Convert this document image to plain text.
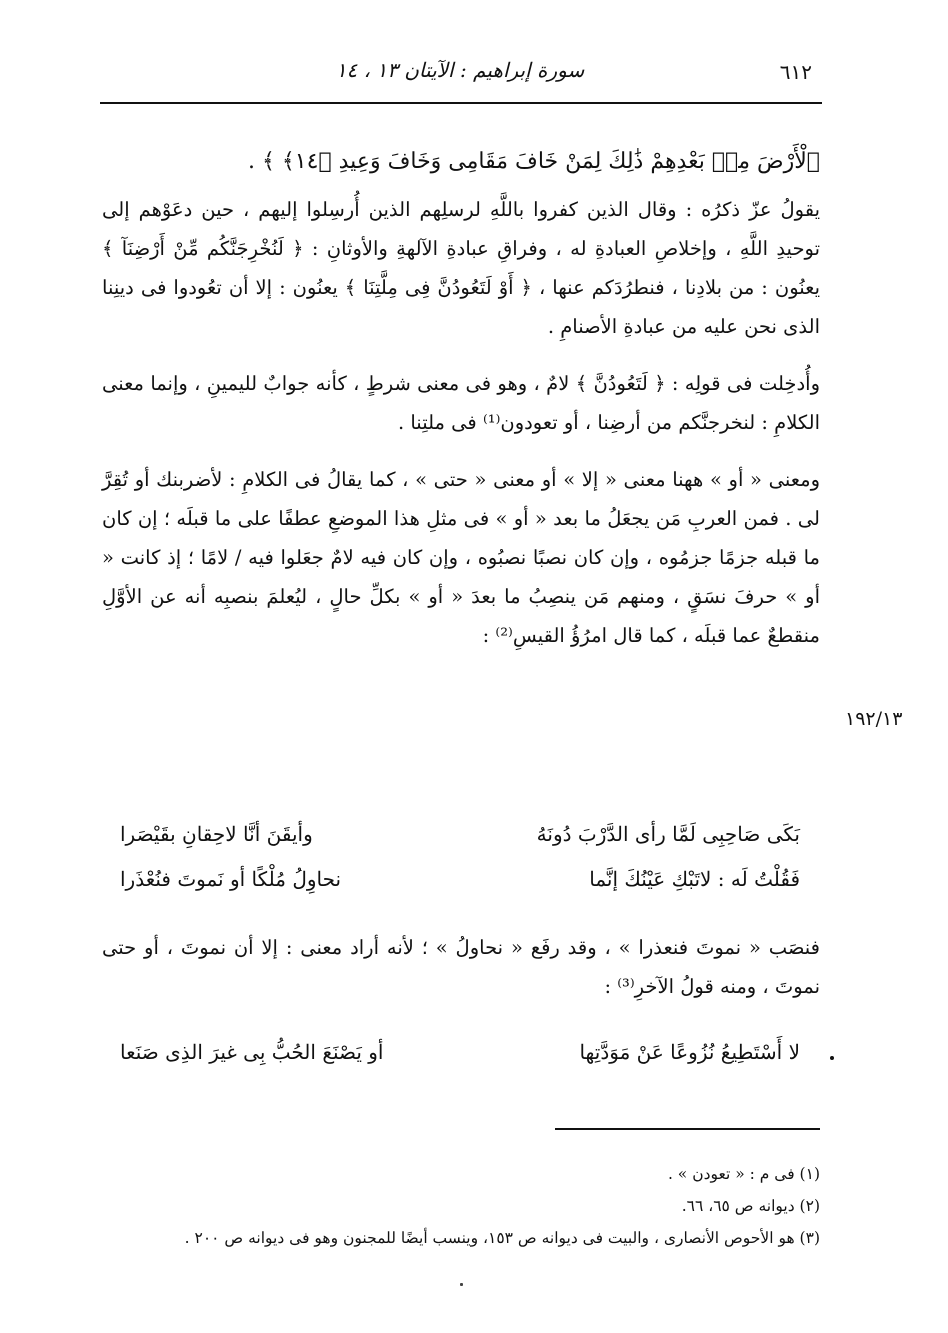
٦١٢
سورة إبراهيم : الآيتان ١٣ ، ١٤

ٱلْأَرْضَ مِنۢ بَعْدِهِمْ ذَٰلِكَ لِمَنْ خَافَ مَقَامِى وَخَافَ وَعِيدِ ﴿١٤﴾ ﴾ .

يقولُ عزّ ذكرُه : وقال الذين كفروا باللَّهِ لرسلِهم الذين أُرسِلوا إليهم ، حين دعَوْهم إلى توحيدِ اللَّهِ ، وإخلاصِ العبادةِ له ، وفراقِ عبادةِ الآلهةِ والأوثانِ : ﴿ لَنُخْرِجَنَّكُم مِّنْ أَرْضِنَآ ﴾ يعنُون : من بلادِنا ، فنطرُدَكم عنها ، ﴿ أَوْ لَتَعُودُنَّ فِى مِلَّتِنَا ﴾ يعنُون : إلا أن تعُودوا فى دينِنا الذى نحن عليه من عبادةِ الأصنامِ .

وأُدخِلت فى قولِه : ﴿ لَتَعُودُنَّ ﴾ لامٌ ، وهو فى معنى شرطٍ ، كأنه جوابٌ لليمينِ ، وإنما معنى الكلامِ : لنخرجنَّكم من أرضِنا ، أو تعودون⁽¹⁾ فى ملتِنا .

ومعنى « أو » ههنا معنى « إلا » أو معنى « حتى » ، كما يقالُ فى الكلامِ : لأضربنك أو تُقِرَّ لى . فمن العربِ مَن يجعَلُ ما بعد « أو » فى مثلِ هذا الموضعِ عطفًا على ما قبلَه ؛ إن كان ما قبله جزمًا جزمُوه ، وإن كان نصبًا نصبُوه ، وإن كان فيه لامٌ جعَلوا فيه / لامًا ؛ إذ كانت « أو » حرفَ نسَقٍ ، ومنهم مَن ينصِبُ ما بعدَ « أو » بكلِّ حالٍ ، ليُعلمَ بنصبِه أنه عن الأوَّلِ منقطعٌ عما قبلَه ، كما قال امرُؤُ القيسِ⁽²⁾ :

١٩٢/١٣
بَكَى صَاحِبِى لَمَّا رأى الدَّرْبَ دُونَهُ
وأيقَنَ أنَّا لاحِقانِ بقَيْصَرا
فَقُلْتُ لَه : لاتَبْكِ عَيْنُكَ إنَّما
نحاوِلُ مُلْكًا أو نَموتَ فنُعْذَرا

فنصَب « نموتَ فنعذرا » ، وقد رفَع « نحاولُ » ؛ لأنه أراد معنى : إلا أن نموتَ ، أو حتى نموتَ ، ومنه قولُ الآخرِ⁽³⁾ :

لا أَسْتَطِيعُ نُزُوعًا عَنْ مَوَدَّتِها
أو يَصْنَعَ الحُبُّ بِى غيرَ الذِى صَنَعا

(١) فى م : « تعودن » .

(٢) ديوانه ص ٦٥، ٦٦.

(٣) هو الأحوص الأنصارى ، والبيت فى ديوانه ص ١٥٣، وينسب أيضًا للمجنون وهو فى ديوانه ص ٢٠٠ .
